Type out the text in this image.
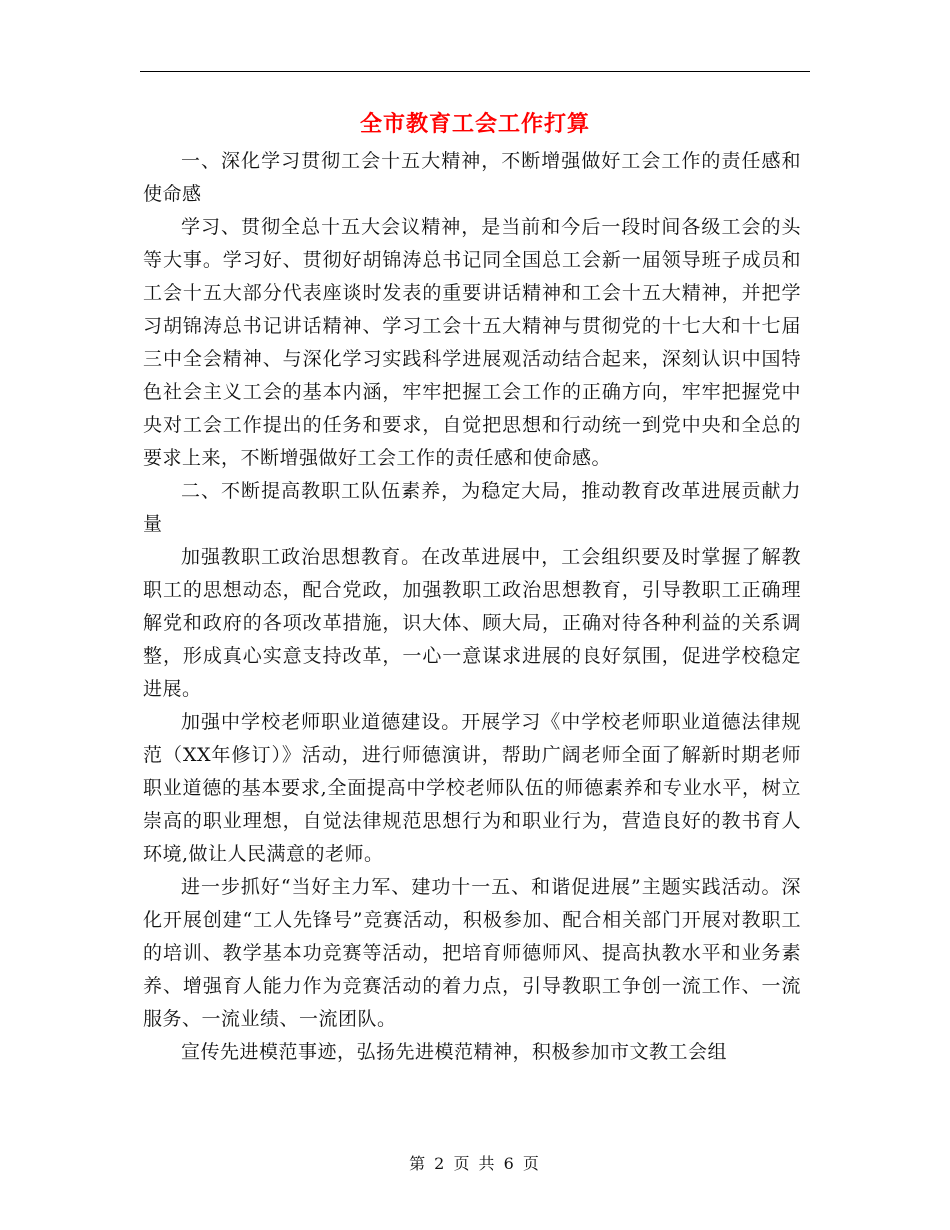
全市教育工会工作打算

一、深化学习贯彻工会十五大精神，不断增强做好工会工作的责任感和使命感

学习、贯彻全总十五大会议精神，是当前和今后一段时间各级工会的头等大事。学习好、贯彻好胡锦涛总书记同全国总工会新一届领导班子成员和工会十五大部分代表座谈时发表的重要讲话精神和工会十五大精神，并把学习胡锦涛总书记讲话精神、学习工会十五大精神与贯彻党的十七大和十七届三中全会精神、与深化学习实践科学进展观活动结合起来，深刻认识中国特色社会主义工会的基本内涵，牢牢把握工会工作的正确方向，牢牢把握党中央对工会工作提出的任务和要求，自觉把思想和行动统一到党中央和全总的要求上来，不断增强做好工会工作的责任感和使命感。

二、不断提高教职工队伍素养，为稳定大局，推动教育改革进展贡献力量

加强教职工政治思想教育。在改革进展中，工会组织要及时掌握了解教职工的思想动态，配合党政，加强教职工政治思想教育，引导教职工正确理解党和政府的各项改革措施，识大体、顾大局，正确对待各种利益的关系调整，形成真心实意支持改革，一心一意谋求进展的良好氛围，促进学校稳定进展。

加强中学校老师职业道德建设。开展学习《中学校老师职业道德法律规范（XX年修订）》活动，进行师德演讲，帮助广阔老师全面了解新时期老师职业道德的基本要求,全面提高中学校老师队伍的师德素养和专业水平，树立崇高的职业理想，自觉法律规范思想行为和职业行为，营造良好的教书育人环境,做让人民满意的老师。

进一步抓好“当好主力军、建功十一五、和谐促进展”主题实践活动。深化开展创建“工人先锋号”竞赛活动，积极参加、配合相关部门开展对教职工的培训、教学基本功竞赛等活动，把培育师德师风、提高执教水平和业务素养、增强育人能力作为竞赛活动的着力点，引导教职工争创一流工作、一流服务、一流业绩、一流团队。

宣传先进模范事迹，弘扬先进模范精神，积极参加市文教工会组

第 2 页 共 6 页
